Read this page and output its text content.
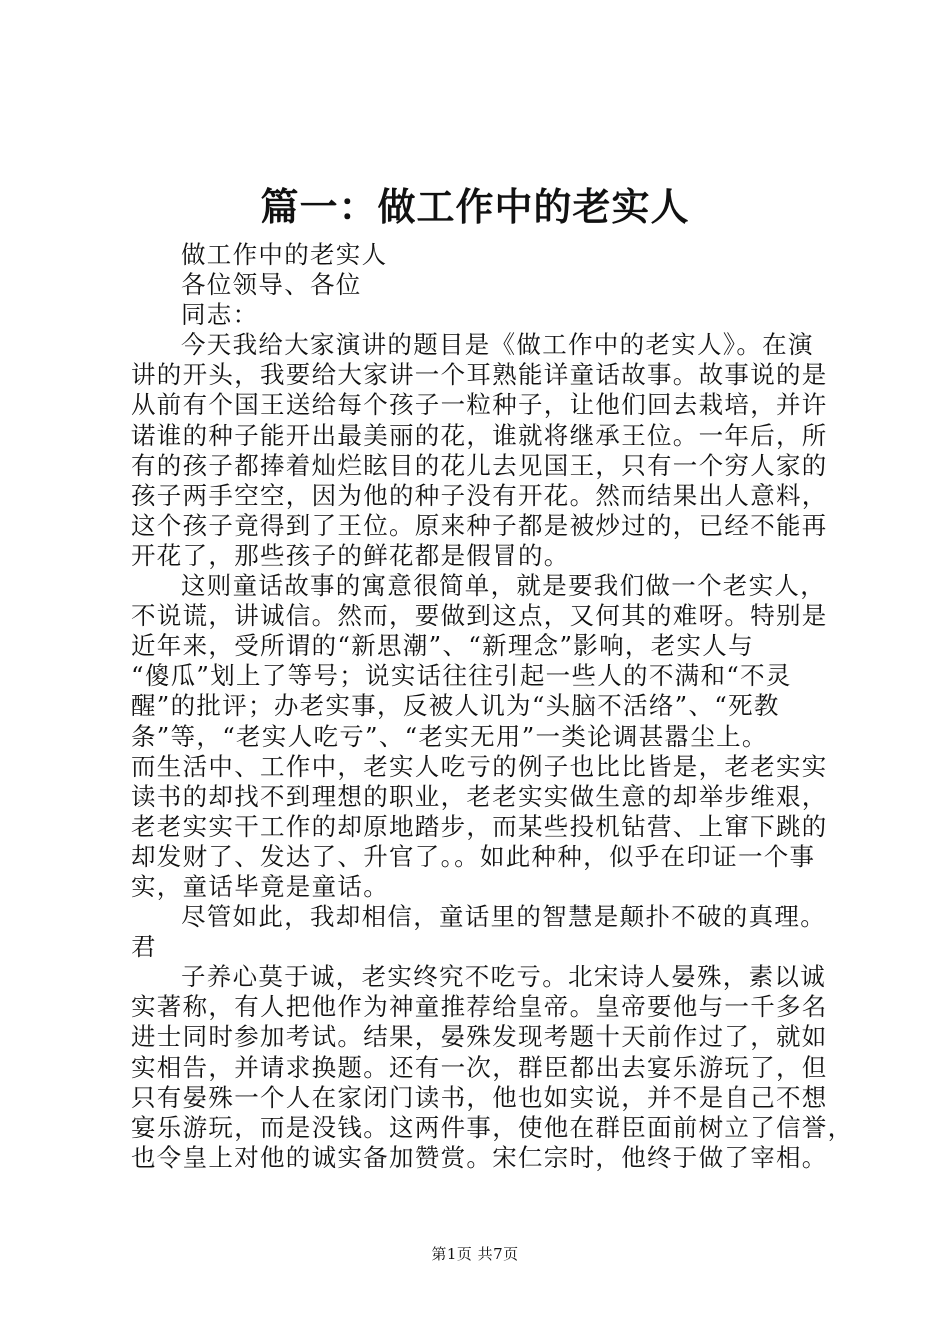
篇一：做工作中的老实人
做工作中的老实人
各位领导、各位
同志：
今天我给大家演讲的题目是《做工作中的老实人》。在演
讲的开头，我要给大家讲一个耳熟能详童话故事。故事说的是
从前有个国王送给每个孩子一粒种子，让他们回去栽培，并许
诺谁的种子能开出最美丽的花，谁就将继承王位。一年后，所
有的孩子都捧着灿烂眩目的花儿去见国王，只有一个穷人家的
孩子两手空空，因为他的种子没有开花。然而结果出人意料，
这个孩子竟得到了王位。原来种子都是被炒过的，已经不能再
开花了，那些孩子的鲜花都是假冒的。
这则童话故事的寓意很简单，就是要我们做一个老实人，
不说谎，讲诚信。然而，要做到这点，又何其的难呀。特别是
近年来，受所谓的“新思潮”、“新理念”影响，老实人与
“傻瓜”划上了等号；说实话往往引起一些人的不满和“不灵
醒”的批评；办老实事，反被人讥为“头脑不活络”、“死教
条”等，“老实人吃亏”、“老实无用”一类论调甚嚣尘上。
而生活中、工作中，老实人吃亏的例子也比比皆是，老老实实
读书的却找不到理想的职业，老老实实做生意的却举步维艰，
老老实实干工作的却原地踏步，而某些投机钻营、上窜下跳的
却发财了、发达了、升官了。。如此种种，似乎在印证一个事
实，童话毕竟是童话。
尽管如此，我却相信，童话里的智慧是颠扑不破的真理。
君
子养心莫于诚，老实终究不吃亏。北宋诗人晏殊，素以诚
实著称，有人把他作为神童推荐给皇帝。皇帝要他与一千多名
进士同时参加考试。结果，晏殊发现考题十天前作过了，就如
实相告，并请求换题。还有一次，群臣都出去宴乐游玩了，但
只有晏殊一个人在家闭门读书，他也如实说，并不是自己不想
宴乐游玩，而是没钱。这两件事，使他在群臣面前树立了信誉，
也令皇上对他的诚实备加赞赏。宋仁宗时，他终于做了宰相。
第1页 共7页
